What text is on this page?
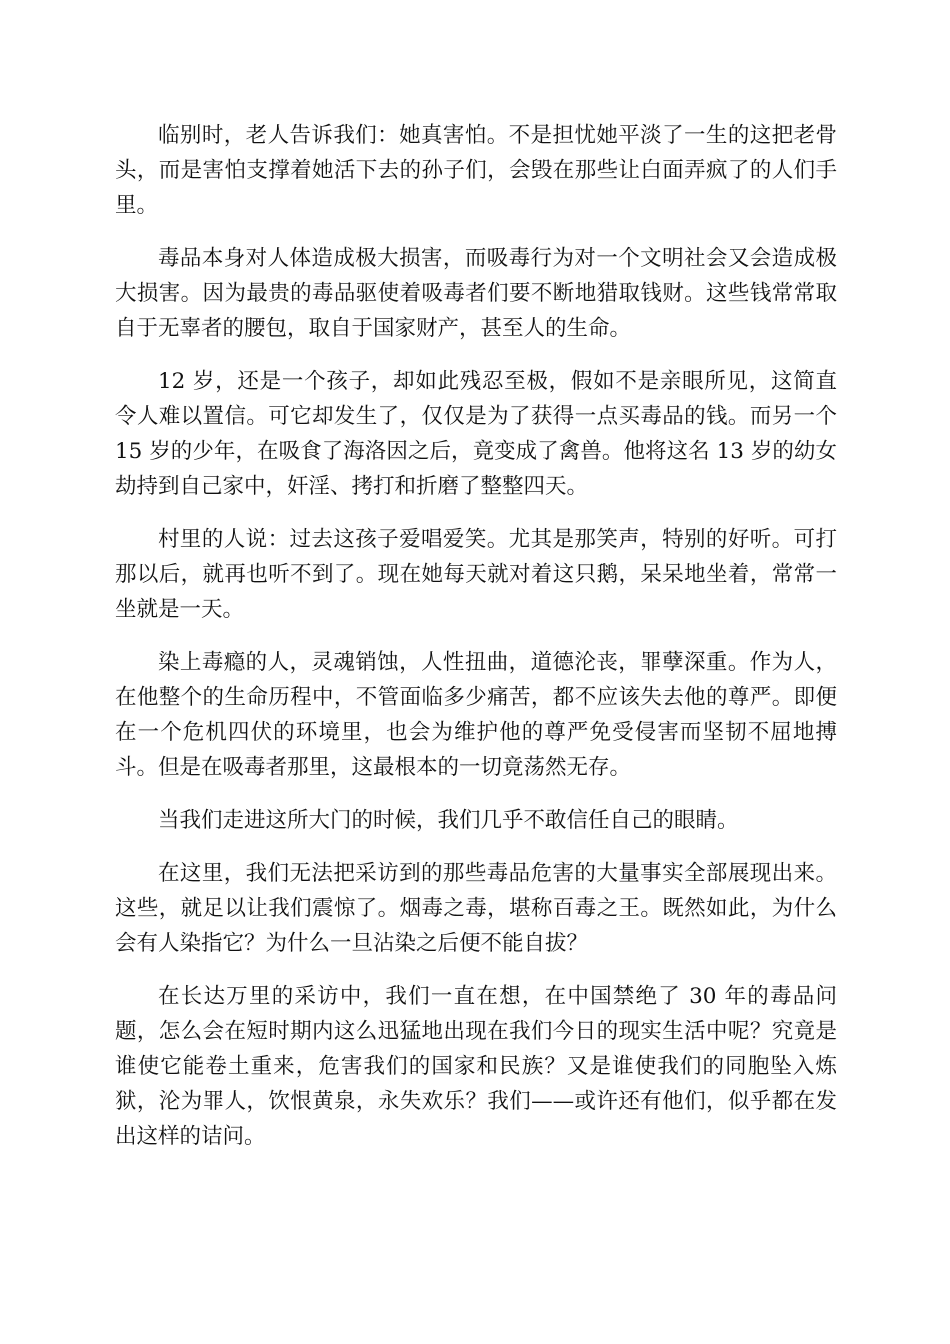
临别时，老人告诉我们：她真害怕。不是担忧她平淡了一生的这把老骨头，而是害怕支撑着她活下去的孙子们，会毁在那些让白面弄疯了的人们手里。

毒品本身对人体造成极大损害，而吸毒行为对一个文明社会又会造成极大损害。因为最贵的毒品驱使着吸毒者们要不断地猎取钱财。这些钱常常取自于无辜者的腰包，取自于国家财产，甚至人的生命。

12 岁，还是一个孩子，却如此残忍至极，假如不是亲眼所见，这简直令人难以置信。可它却发生了，仅仅是为了获得一点买毒品的钱。而另一个 15 岁的少年，在吸食了海洛因之后，竟变成了禽兽。他将这名 13 岁的幼女劫持到自己家中，奸淫、拷打和折磨了整整四天。

村里的人说：过去这孩子爱唱爱笑。尤其是那笑声，特别的好听。可打那以后，就再也听不到了。现在她每天就对着这只鹅，呆呆地坐着，常常一坐就是一天。

染上毒瘾的人，灵魂销蚀，人性扭曲，道德沦丧，罪孽深重。作为人，在他整个的生命历程中，不管面临多少痛苦，都不应该失去他的尊严。即便在一个危机四伏的环境里，也会为维护他的尊严免受侵害而坚韧不屈地搏斗。但是在吸毒者那里，这最根本的一切竟荡然无存。

当我们走进这所大门的时候，我们几乎不敢信任自己的眼睛。

在这里，我们无法把采访到的那些毒品危害的大量事实全部展现出来。这些，就足以让我们震惊了。烟毒之毒，堪称百毒之王。既然如此，为什么会有人染指它？为什么一旦沾染之后便不能自拔？

在长达万里的采访中，我们一直在想，在中国禁绝了 30 年的毒品问题，怎么会在短时期内这么迅猛地出现在我们今日的现实生活中呢？究竟是谁使它能卷土重来，危害我们的国家和民族？又是谁使我们的同胞坠入炼狱，沦为罪人，饮恨黄泉，永失欢乐？我们——或许还有他们，似乎都在发出这样的诘问。
